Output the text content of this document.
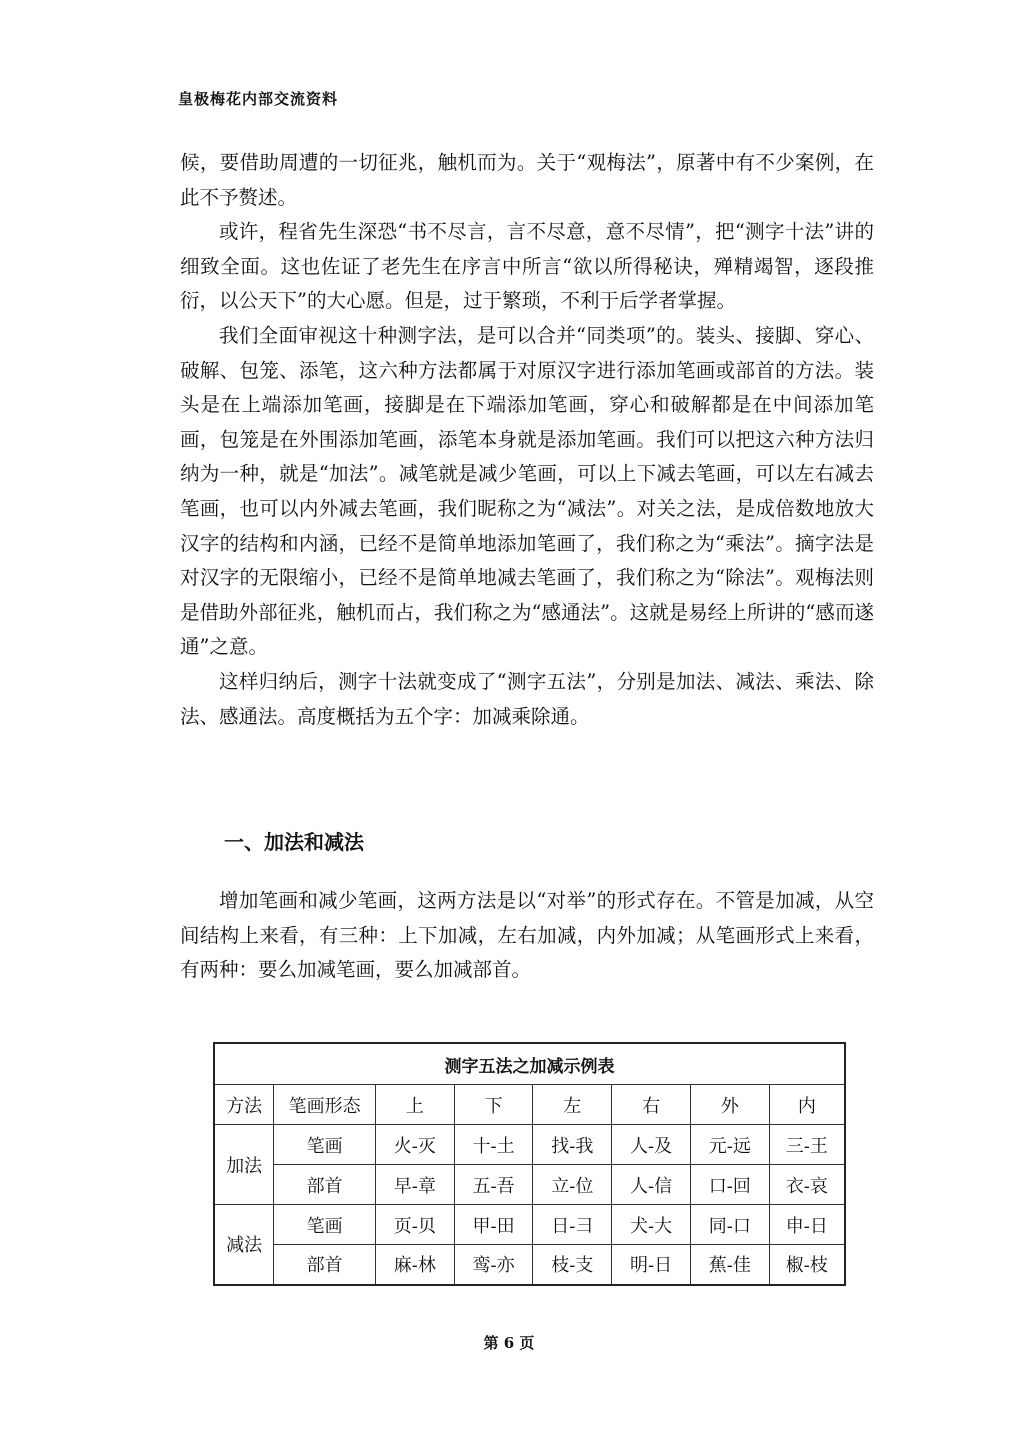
皇极梅花内部交流资料

候，要借助周遭的一切征兆，触机而为。关于“观梅法”，原著中有不少案例，在此不予赘述。

或许，程省先生深恐“书不尽言，言不尽意，意不尽情”，把“测字十法”讲的细致全面。这也佐证了老先生在序言中所言“欲以所得秘诀，殚精竭智，逐段推衍，以公天下”的大心愿。但是，过于繁琐，不利于后学者掌握。

我们全面审视这十种测字法，是可以合并“同类项”的。装头、接脚、穿心、破解、包笼、添笔，这六种方法都属于对原汉字进行添加笔画或部首的方法。装头是在上端添加笔画，接脚是在下端添加笔画，穿心和破解都是在中间添加笔画，包笼是在外围添加笔画，添笔本身就是添加笔画。我们可以把这六种方法归纳为一种，就是“加法”。减笔就是减少笔画，可以上下减去笔画，可以左右减去笔画，也可以内外减去笔画，我们昵称之为“减法”。对关之法，是成倍数地放大汉字的结构和内涵，已经不是简单地添加笔画了，我们称之为“乘法”。摘字法是对汉字的无限缩小，已经不是简单地减去笔画了，我们称之为“除法”。观梅法则是借助外部征兆，触机而占，我们称之为“感通法”。这就是易经上所讲的“感而遂通”之意。

这样归纳后，测字十法就变成了“测字五法”，分别是加法、减法、乘法、除法、感通法。高度概括为五个字：加减乘除通。

一、加法和减法

增加笔画和减少笔画，这两方法是以“对举”的形式存在。不管是加减，从空间结构上来看，有三种：上下加减，左右加减，内外加减；从笔画形式上来看，有两种：要么加减笔画，要么加减部首。

测字五法之加减示例表							
方法	笔画形态	上	下	左	右	外	内
加法	笔画	火-灭	十-土	找-我	人-及	元-远	三-王
	部首	早-章	五-吾	立-位	人-信	口-回	衣-哀
减法	笔画	页-贝	甲-田	日-彐	犬-大	同-口	申-日
	部首	麻-林	鸾-亦	枝-支	明-日	蕉-佳	椒-枝
第 6 页
